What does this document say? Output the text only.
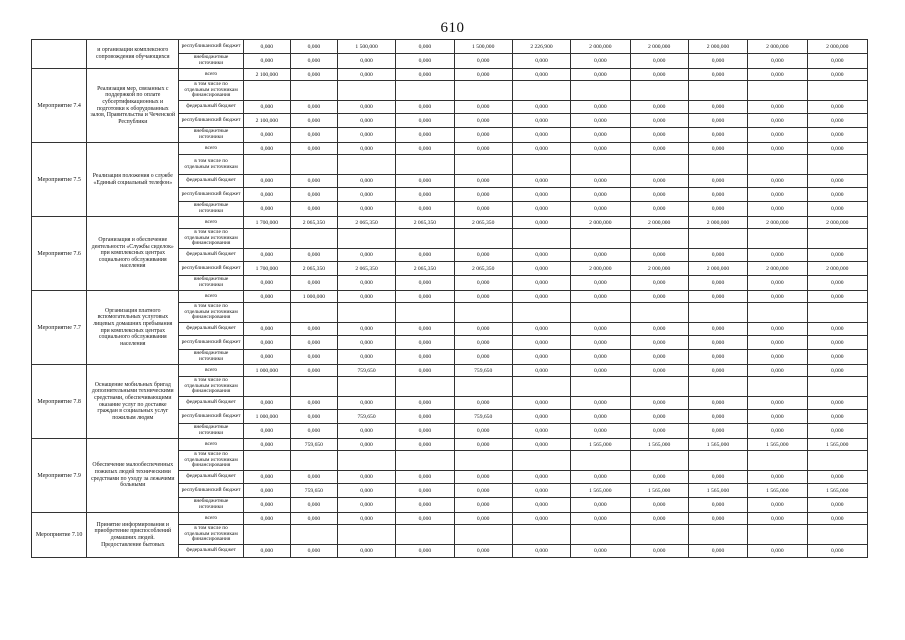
610
	и организации комплексного сопровождения обучающихся	республиканский бюджет	0,000	0,000	1 500,000	0,000	1 500,000	2 226,900	2 000,000	2 000,000	2 000,000	2 000,000	2 000,000
		внебюджетные источники	0,000	0,000	0,000	0,000	0,000	0,000	0,000	0,000	0,000	0,000	0,000
Мероприятие 7.4	Реализация мер, связанных с поддержкой по оплате субсертификационных и подготовки к оборудованных залов, Правительства и Чеченской Республики	всего	2 100,000	0,000	0,000	0,000	0,000	0,000	0,000	0,000	0,000	0,000	0,000
		в том числе по отдельным источникам финансирования											
		федеральный бюджет	0,000	0,000	0,000	0,000	0,000	0,000	0,000	0,000	0,000	0,000	0,000
		республиканский бюджет	2 100,000	0,000	0,000	0,000	0,000	0,000	0,000	0,000	0,000	0,000	0,000
		внебюджетные источники	0,000	0,000	0,000	0,000	0,000	0,000	0,000	0,000	0,000	0,000	0,000
Мероприятие 7.5	Реализация положения о службе «Единый социальный телефон»	всего	0,000	0,000	0,000	0,000	0,000	0,000	0,000	0,000	0,000	0,000	0,000
		в том числе по отдельным источникам											
		федеральный бюджет	0,000	0,000	0,000	0,000	0,000	0,000	0,000	0,000	0,000	0,000	0,000
		республиканский бюджет	0,000	0,000	0,000	0,000	0,000	0,000	0,000	0,000	0,000	0,000	0,000
		внебюджетные источники	0,000	0,000	0,000	0,000	0,000	0,000	0,000	0,000	0,000	0,000	0,000
Мероприятие 7.6	Организация и обеспечение деятельности «Службы сиделок» при комплексных центрах социального обслуживания населения	всего	1 700,000	2 065,350	2 065,350	2 065,350	2 065,350	0,000	2 000,000	2 000,000	2 000,000	2 000,000	2 000,000
		в том числе по отдельным источникам финансирования											
		федеральный бюджет	0,000	0,000	0,000	0,000	0,000	0,000	0,000	0,000	0,000	0,000	0,000
		республиканский бюджет	1 700,000	2 065,350	2 065,350	2 065,350	2 065,350	0,000	2 000,000	2 000,000	2 000,000	2 000,000	2 000,000
		внебюджетные источники	0,000	0,000	0,000	0,000	0,000	0,000	0,000	0,000	0,000	0,000	0,000
Мероприятие 7.7	Организация платного вспомогательных услуговых лицевых домашних пребывания при комплексных центрах социального обслуживания населения	всего	0,000	1 000,000	0,000	0,000	0,000	0,000	0,000	0,000	0,000	0,000	0,000
		в том числе по отдельным источникам финансирования											
		федеральный бюджет	0,000	0,000	0,000	0,000	0,000	0,000	0,000	0,000	0,000	0,000	0,000
		республиканский бюджет	0,000	0,000	0,000	0,000	0,000	0,000	0,000	0,000	0,000	0,000	0,000
		внебюджетные источники	0,000	0,000	0,000	0,000	0,000	0,000	0,000	0,000	0,000	0,000	0,000
Мероприятие 7.8	Оснащение мобильных бригад дополнительными техническими средствами, обеспечивающими оказание услуг по доставке граждан в социальных услуг пожилым людям	всего	1 000,000	0,000	759,650	0,000	759,650	0,000	0,000	0,000	0,000	0,000	0,000
		в том числе по отдельным источникам финансирования											
		федеральный бюджет	0,000	0,000	0,000	0,000	0,000	0,000	0,000	0,000	0,000	0,000	0,000
		республиканский бюджет	1 000,000	0,000	759,650	0,000	759,650	0,000	0,000	0,000	0,000	0,000	0,000
		внебюджетные источники	0,000	0,000	0,000	0,000	0,000	0,000	0,000	0,000	0,000	0,000	0,000
Мероприятие 7.9	Обеспечение малообеспеченных пожилых людей техническими средствами по уходу за лежачими больными	всего	0,000	759,650	0,000	0,000	0,000	0,000	1 565,000	1 565,000	1 565,000	1 565,000	1 565,000
		в том числе по отдельным источникам финансирования											
		федеральный бюджет	0,000	0,000	0,000	0,000	0,000	0,000	0,000	0,000	0,000	0,000	0,000
		республиканский бюджет	0,000	759,650	0,000	0,000	0,000	0,000	1 565,000	1 565,000	1 565,000	1 565,000	1 565,000
		внебюджетные источники	0,000	0,000	0,000	0,000	0,000	0,000	0,000	0,000	0,000	0,000	0,000
Мероприятие 7.10	Принятие информирования и приобретение приспособлений домашних людей. Предоставление бытовых	всего	0,000	0,000	0,000	0,000	0,000	0,000	0,000	0,000	0,000	0,000	0,000
		в том числе по отдельным источникам финансирования											
		федеральный бюджет	0,000	0,000	0,000	0,000	0,000	0,000	0,000	0,000	0,000	0,000	0,000
